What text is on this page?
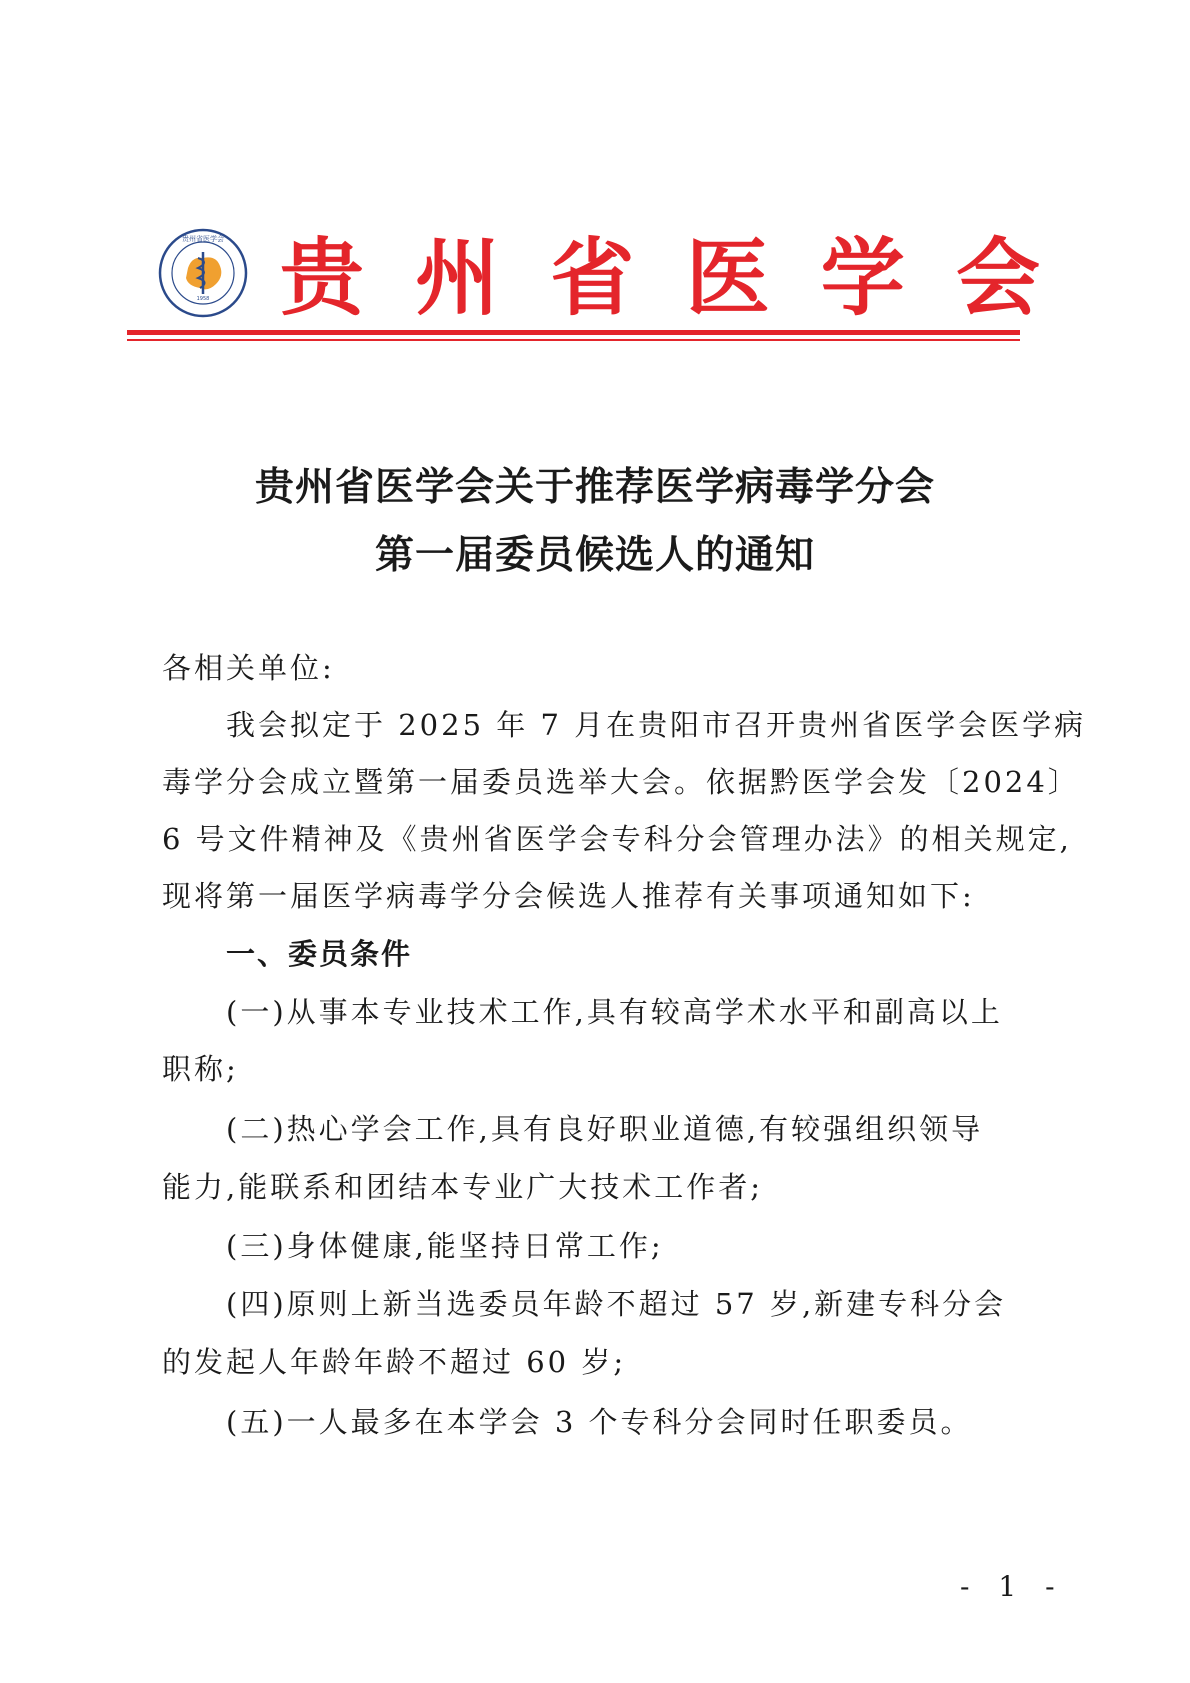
1958
贵州省医学会 贵 州 省 医 学 会
贵州省医学会关于推荐医学病毒学分会
第一届委员候选人的通知
各相关单位:
我会拟定于 2025 年 7 月在贵阳市召开贵州省医学会医学病
毒学分会成立暨第一届委员选举大会。依据黔医学会发〔2024〕
6 号文件精神及《贵州省医学会专科分会管理办法》的相关规定,
现将第一届医学病毒学分会候选人推荐有关事项通知如下:
一、委员条件
(一)从事本专业技术工作,具有较高学术水平和副高以上
职称;
(二)热心学会工作,具有良好职业道德,有较强组织领导
能力,能联系和团结本专业广大技术工作者;
(三)身体健康,能坚持日常工作;
(四)原则上新当选委员年龄不超过 57 岁,新建专科分会
的发起人年龄年龄不超过 60 岁;
(五)一人最多在本学会 3 个专科分会同时任职委员。
- 1 -
